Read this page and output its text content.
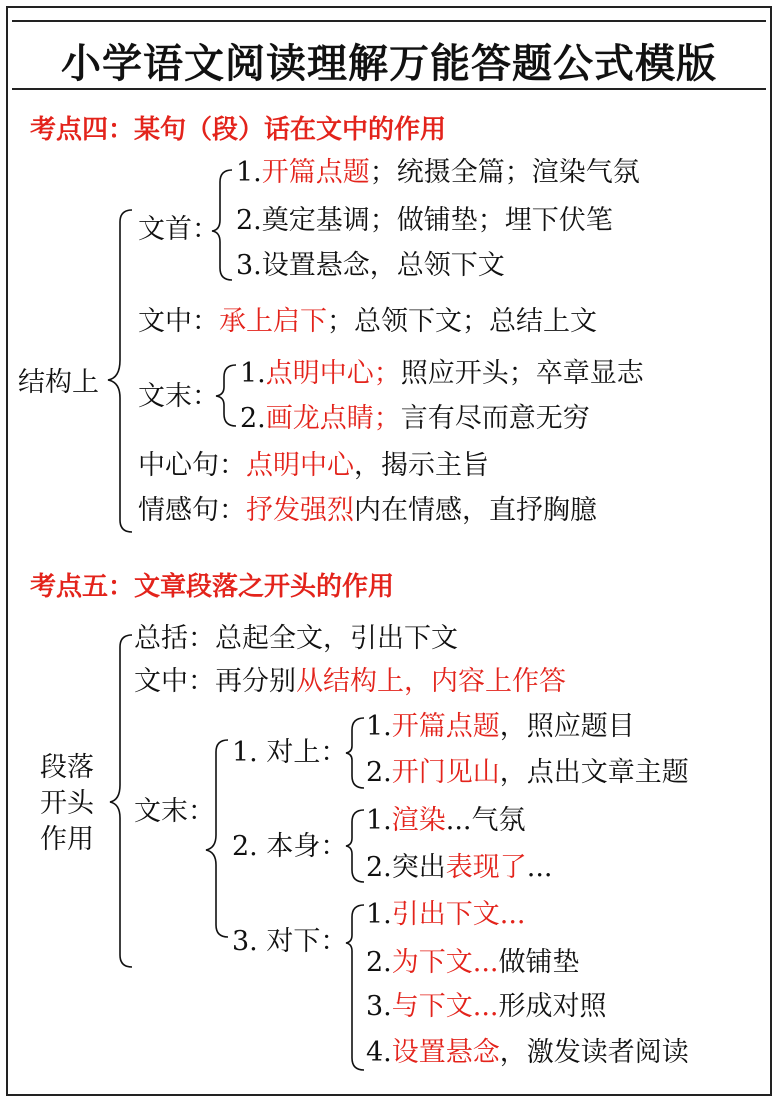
小学语文阅读理解万能答题公式模版
考点四：某句（段）话在文中的作用
结构上
文首：
1.开篇点题；统摄全篇；渲染气氛
2.奠定基调；做铺垫；埋下伏笔
3.设置悬念，总领下文
文中：承上启下；总领下文；总结上文
文末：
1.点明中心；照应开头；卒章显志
2.画龙点睛；言有尽而意无穷
中心句：点明中心，揭示主旨
情感句：抒发强烈内在情感，直抒胸臆
考点五：文章段落之开头的作用
段落
开头
作用
总括：总起全文，引出下文
文中：再分别从结构上，内容上作答
文末：
1. 对上：
1.开篇点题，照应题目
2.开门见山，点出文章主题
2. 本身：
1.渲染...气氛
2.突出表现了...
3. 对下：
1.引出下文...
2.为下文...做铺垫
3.与下文...形成对照
4.设置悬念，激发读者阅读
